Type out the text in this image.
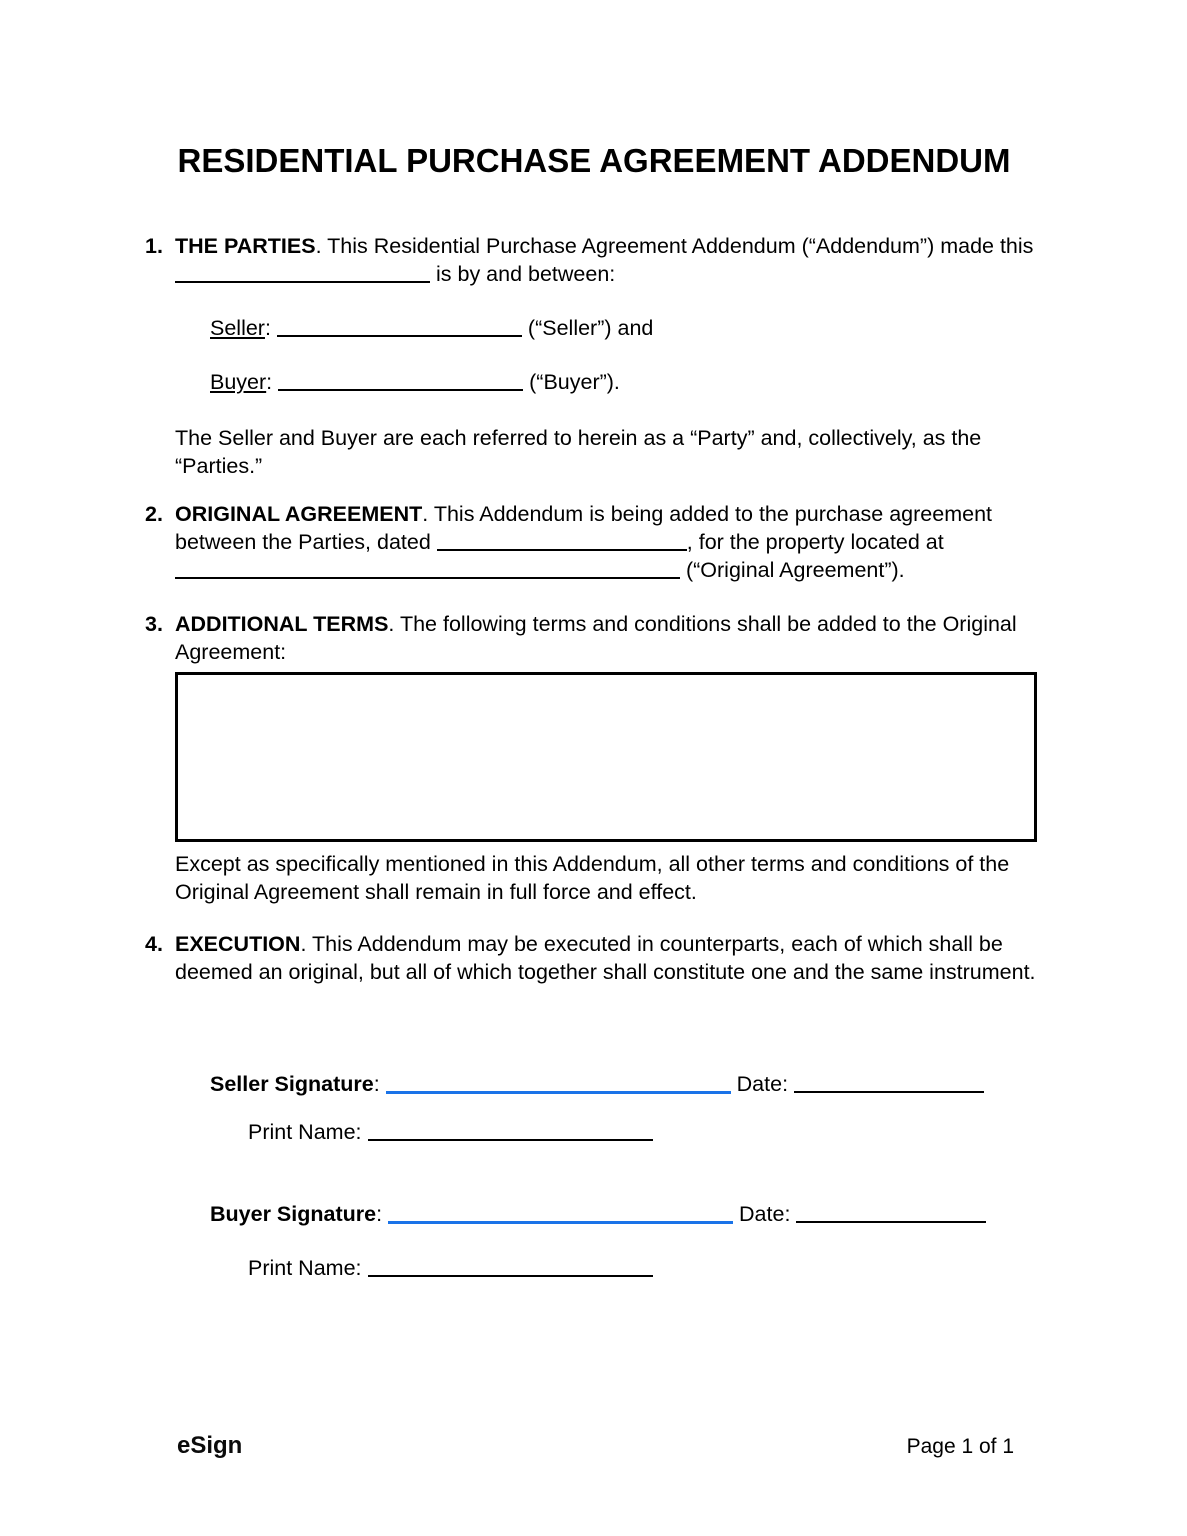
RESIDENTIAL PURCHASE AGREEMENT ADDENDUM
1. THE PARTIES. This Residential Purchase Agreement Addendum (“Addendum”) made this  is by and between:
Seller:	(“Seller”) and
Buyer:	(“Buyer”).
The Seller and Buyer are each referred to herein as a “Party” and, collectively, as the “Parties.”
2. ORIGINAL AGREEMENT. This Addendum is being added to the purchase agreement between the Parties, dated	, for the property located at  (“Original Agreement”).
3. ADDITIONAL TERMS. The following terms and conditions shall be added to the Original Agreement:
Except as specifically mentioned in this Addendum, all other terms and conditions of the Original Agreement shall remain in full force and effect.
4. EXECUTION. This Addendum may be executed in counterparts, each of which shall be deemed an original, but all of which together shall constitute one and the same instrument.
Seller Signature:	Date:
Print Name:
Buyer Signature:	Date:
Print Name:
eSign	Page 1 of 1
